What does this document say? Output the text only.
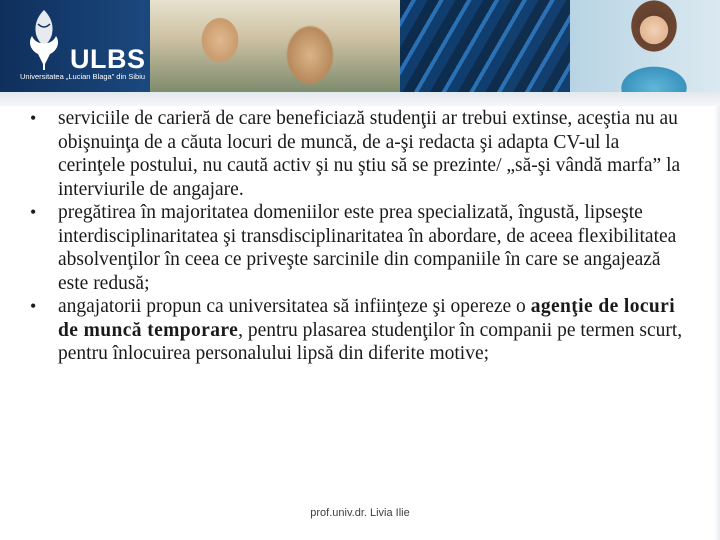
ULBS
Universitatea „Lucian Blaga” din Sibiu
• serviciile de carieră de care beneficiază studenţii ar trebui extinse, aceştia nu au obişnuinţa de a căuta locuri de muncă, de a-şi redacta şi adapta CV-ul la cerinţele postului, nu caută activ şi nu ştiu să se prezinte/ „să-şi vândă marfa” la interviurile de angajare.
• pregătirea în majoritatea domeniilor este prea specializată, îngustă, lipseşte interdisciplinaritatea şi transdisciplinaritatea în abordare, de aceea flexibilitatea absolvenţilor în ceea ce priveşte sarcinile din companiile în care se angajează este redusă;
• angajatorii propun ca universitatea să infiinţeze şi opereze o agenţie de locuri de muncă temporare, pentru plasarea studenţilor în companii pe termen scurt, pentru înlocuirea personalului lipsă din diferite motive;
prof.univ.dr. Livia Ilie
